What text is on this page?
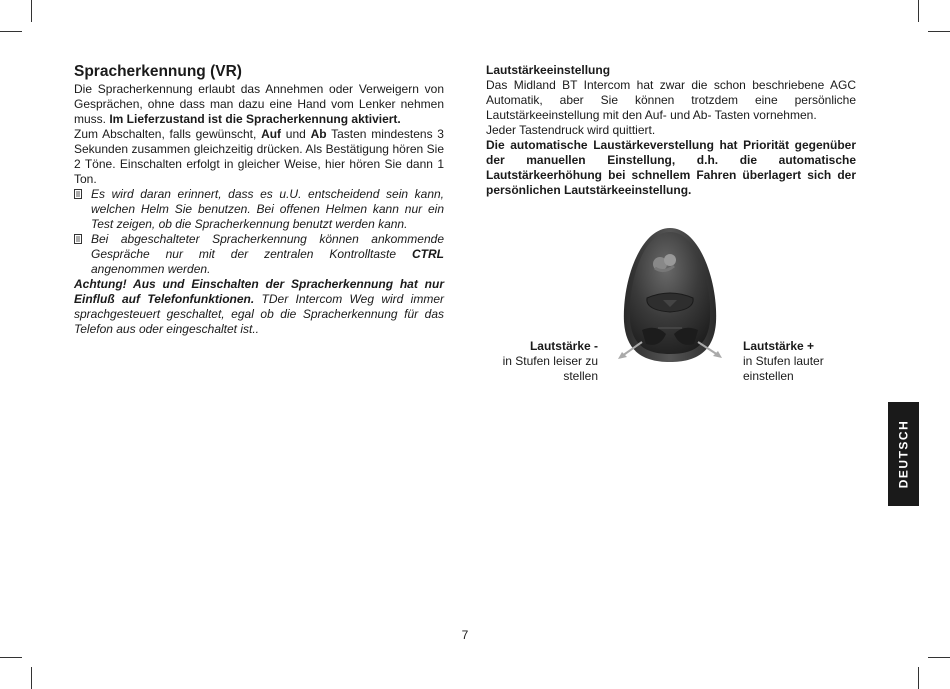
Spracherkennung (VR)

Die Spracherkennung erlaubt das Annehmen oder Verweigern von Gesprächen, ohne dass man dazu eine Hand vom Lenker nehmen muss. Im Lieferzustand ist die Spracherkennung aktiviert.

Zum Abschalten, falls gewünscht, Auf und Ab Tasten mindestens 3 Sekunden zusammen gleichzeitig drücken. Als Bestätigung hören Sie 2 Töne. Einschalten erfolgt in gleicher Weise, hier hören Sie dann 1 Ton.

Es wird daran erinnert, dass es u.U. entscheidend sein kann, welchen Helm Sie benutzen. Bei offenen Helmen kann nur ein Test zeigen, ob die Spracherkennung benutzt werden kann.
Bei abgeschalteter Spracherkennung können ankommende Gespräche nur mit der zentralen Kontrolltaste CTRL angenommen werden.

Achtung! Aus und Einschalten der Spracherkennung hat nur Einfluß auf Telefonfunktionen. TDer Intercom Weg wird immer sprachgesteuert geschaltet, egal ob die Spracherkennung für das Telefon aus oder eingeschaltet ist..

Lautstärkeeinstellung

Das Midland BT Intercom hat zwar die schon beschriebene AGC Automatik, aber Sie können trotzdem eine persönliche Lautstärkeeinstellung mit den Auf- und Ab- Tasten vornehmen.

Jeder Tastendruck wird quittiert.

Die automatische Laustärkeverstellung hat Priorität gegenüber der manuellen Einstellung, d.h. die automatische Lautstärkeerhöhung bei schnellem Fahren überlagert sich der persönlichen Lautstärkeeinstellung.

Lautstärke -
in Stufen leiser zu stellen
Lautstärke +
in Stufen lauter einstellen
DEUTSCH
7
